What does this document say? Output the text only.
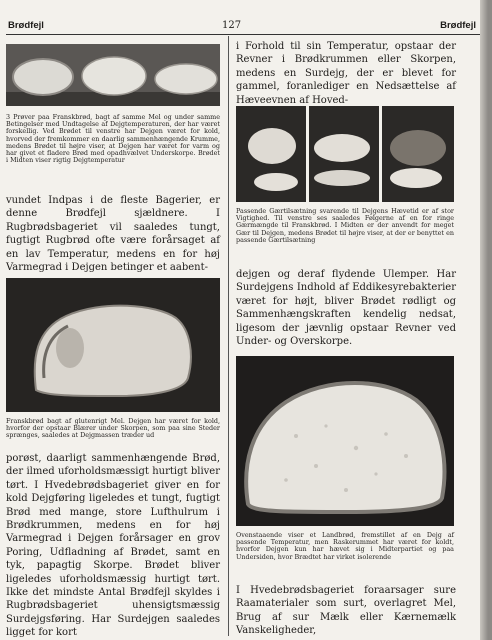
Brødfejl	127	Brødfejl
3 Prøver paa Franskbrød, bagt af samme Mel og under samme Betingelser med Undtagelse af Dejgtemperaturen, der har været forskellig. Ved Brødet til venstre har Dejgen været for kold, hvorved der fremkommer en daarlig sammenhængende Krumme, medens Brødet til højre viser, at Dejgen har været for varm og har givet et fladere Brød med opadhvælvet Underskorpe. Brødet i Midten viser rigtig Dejgtemperatur

vundet Indpas i de fleste Bagerier, er denne Brødfejl sjældnere. I Rugbrødsbageriet vil saaledes tungt, fugtigt Rugbrød ofte være forårsaget af en lav Temperatur, medens en for høj Varmegrad i Dejgen betinger et aabent-

Franskbrød bagt af glutenrigt Mel. Dejgen har været for kold, hvorfor der opstaar Blærer under Skorpen, som paa sine Steder sprænges, saaledes at Dejgmassen træder ud

porøst, daarligt sammenhængende Brød, der ilmed uforholdsmæssigt hurtigt bliver tørt. I Hvedebrødsbageriet giver en for kold Dejgføring ligeledes et tungt, fugtigt Brød med mange, store Lufthulrum i Brødkrummen, medens en for høj Varmegrad i Dejgen forårsager en grov Poring, Udfladning af Brødet, samt en tyk, papagtig Skorpe. Brødet bliver ligeledes uforholdsmæssig hurtigt tørt. Ikke det mindste Antal Brødfejl skyldes i Rugbrødsbageriet uhensigtsmæssig Surdejgsføring. Har Surdejgen saaledes ligget for kort

i Forhold til sin Temperatur, opstaar der Revner i Brødkrummen eller Skorpen, medens en Surdejg, der er blevet for gammel, foranlediger en Nedsættelse af Hæveevnen af Hoved-

Passende Gærtilsætning svarende til Dejgens Hævetid er af stor Vigtighed. Til venstre ses saaledes Følgerne af en for ringe Gærmængde til Franskbrød. I Midten er der anvendt for meget Gær til Dejgen, medens Brødet til højre viser, at der er benyttet en passende Gærtilsætning

dejgen og deraf flydende Ulemper. Har Surdejgens Indhold af Eddikesyrebakterier været for højt, bliver Brødet rødligt og Sammenhængskraften kendelig nedsat, ligesom der jævnlig opstaar Revner ved Under- og Overskorpe.

Ovenstaaende viser et Landbrød, fremstillet af en Dejg af passende Temperatur, men Raskerummet har været for koldt, hvorfor Dejgen kun har hævet sig i Midterpartiet og paa Undersiden, hvor Brædtet har virket isolerende

I Hvedebrødsbageriet foraarsager sure Raamaterialer som surt, overlagret Mel, Brug af sur Mælk eller Kærnemælk Vanskeligheder,
